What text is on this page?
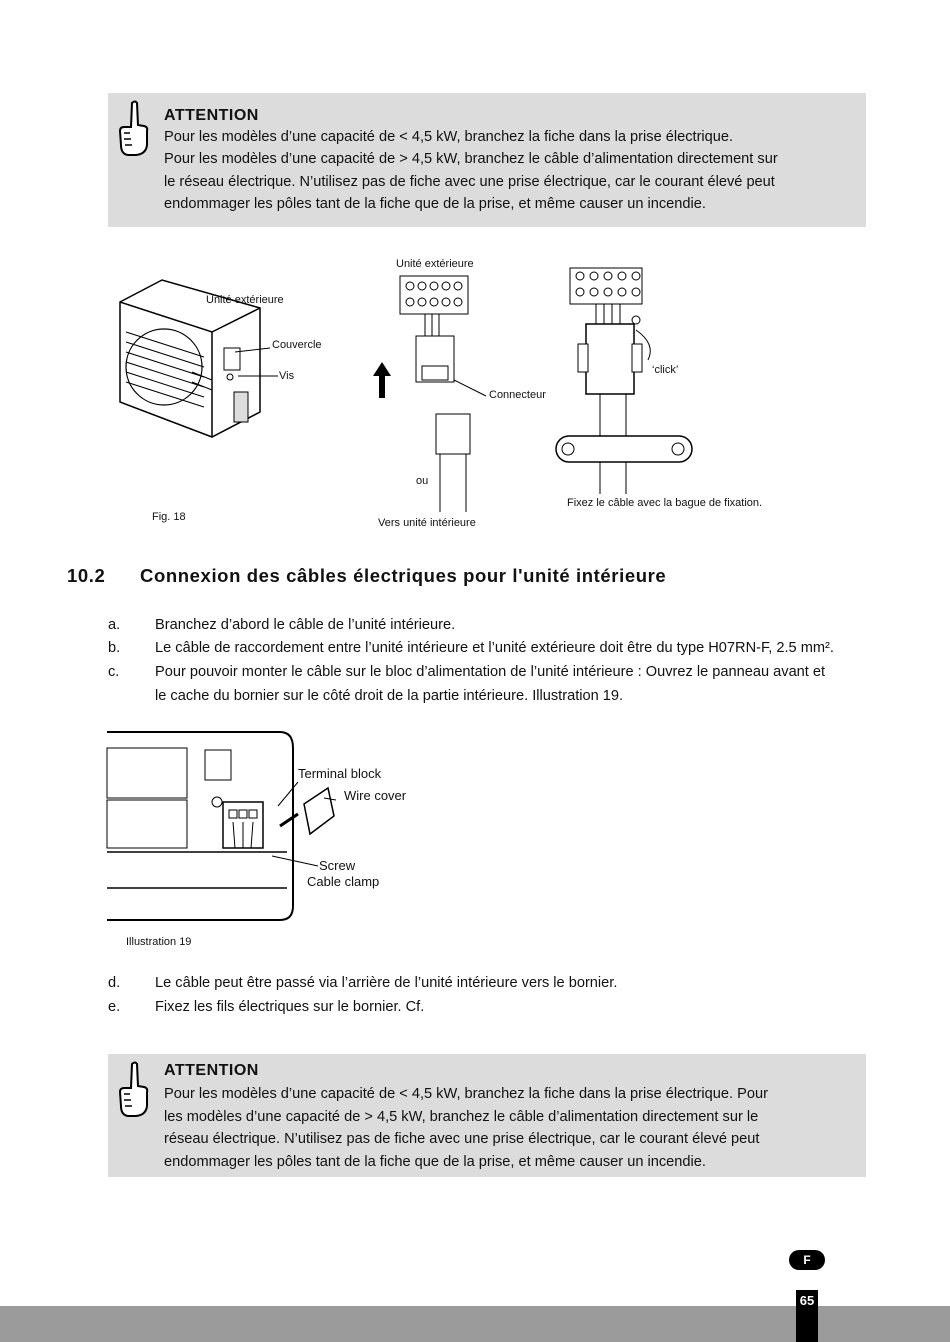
ATTENTION
Pour les modèles d’une capacité de < 4,5 kW, branchez la fiche dans la prise électrique.
Pour les modèles d’une capacité de > 4,5 kW, branchez le câble d’alimentation directement sur
le réseau électrique. N’utilisez pas de fiche avec une prise électrique, car le courant élevé peut
endommager les pôles tant de la fiche que de la prise, et même causer un incendie.
Unité extérieure
Couvercle
Vis
Unité extérieure
Connecteur
ou
Vers unité intérieure
‘click’
Fixez le câble avec la bague de fixation.
Fig. 18
10.2 Connexion des câbles électriques pour l'unité intérieure
a. Branchez d’abord le câble de l’unité intérieure.
b. Le câble de raccordement entre l’unité intérieure et l’unité extérieure doit être du type H07RN-F, 2.5 mm².
c. Pour pouvoir monter le câble sur le bloc d’alimentation de l’unité intérieure : Ouvrez le panneau avant et
le cache du bornier sur le côté droit de la partie intérieure. Illustration 19.
Terminal block
Wire cover
Screw
Cable clamp
Illustration 19
d. Le câble peut être passé via l’arrière de l’unité intérieure vers le bornier.
e. Fixez les fils électriques sur le bornier. Cf.
ATTENTION
Pour les modèles d’une capacité de < 4,5 kW, branchez la fiche dans la prise électrique. Pour
les modèles d’une capacité de > 4,5 kW, branchez le câble d’alimentation directement sur le
réseau électrique. N’utilisez pas de fiche avec une prise électrique, car le courant élevé peut
endommager les pôles tant de la fiche que de la prise, et même causer un incendie.
F
65
